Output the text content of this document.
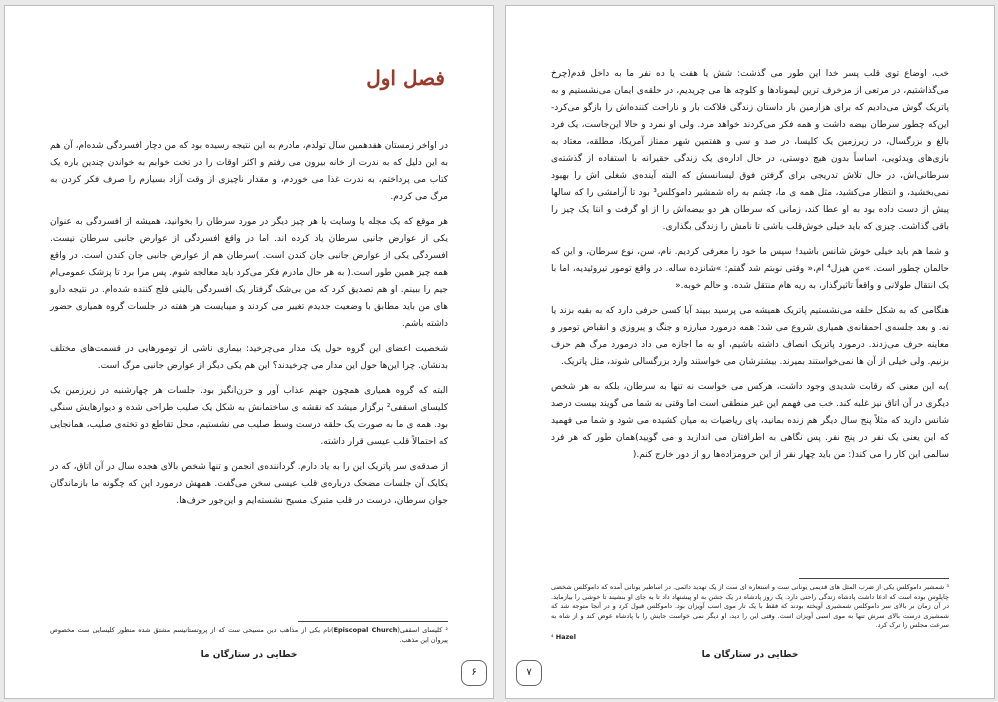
فصل اول

در اواخر زمستان هفدهمین سال تولدم، مادرم به این نتیجه رسیده بود که من دچار افسردگی شده‌ام، آن هم به این دلیل که به ندرت از خانه بیرون می رفتم و اکثر اوقات را در تخت خوابم به خواندن چندین باره یک کتاب می پرداختم، به ندرت غذا می خوردم، و مقدار ناچیزی از وقت آزاد بسیارم را صرف فکر کردن به مرگ می کردم.

هر موقع که یک مجله یا وسایت یا هر چیز دیگر در مورد سرطان را بخوانید، همیشه از افسردگی به عنوان یکی از عوارض جانبی سرطان یاد کرده اند. اما در واقع افسردگی از عوارض جانبی سرطان نیست. افسردگی یکی از عوارض جانبی جان کندن است. )سرطان هم از عوارض جانبی جان کندن است. در واقع همه چیز همین طور است.( به هر حال مادرم فکر می‌کرد باید معالجه شوم. پس مرا برد تا پزشک عمومی‌ام جیم را ببینم. او هم تصدیق کرد که من بی‌شک گرفتار یک افسردگی بالینی فلج کننده شده‌ام. در نتیجه دارو های من باید مطابق با وضعیت جدیدم تغییر می کردند و میبایست هر هفته در جلسات گروه همیاری حضور داشته باشم.

شخصیت اعضای این گروه حول یک مدار می‌چرخید: بیماری ناشی از تومورهایی در قسمت‌های مختلف بدنشان. چرا این‌ها حول این مدار می چرخیدند؟ این هم یکی دیگر از عوارض جانبی مرگ است.

البته که گروه همیاری همچون جهنم عذاب آور و حزن‌انگیز بود. جلسات هر چهارشنبه در زیرزمین یک کلیسای اسقفی² برگزار میشد که نقشه ی ساختمانش به شکل یک صلیب طراحی شده و دیوارهایش سنگی بود. همه ی ما به صورت یک حلقه درست وسط صلیب می نشستیم، محل تقاطع دو تخته‌ی صلیب، همانجایی که احتمالاً قلب عیسی قرار داشته.

از صدقه‌ی سر پاتریک این را به یاد دارم. گرداننده‌ی انجمن و تنها شخص بالای هجده سال در آن اتاق، که در یکایک آن جلسات مضحک درباره‌ی قلب عیسی سخن می‌گفت. همهش درمورد این که چگونه ما بازماندگان جوان سرطان، درست در قلب متبرک مسیح نشسته‌ایم و این‌جور حرف‌ها.

² کلیسای اسقفی(Episcopal Church)نام یکی از مذاهب دین مسیحی ست که از پروتستانیسم مشتق شده منظور کلیسایی ست مخصوص پیروان این مذهب.

خطایی در ستارگان ما
۶

خب، اوضاع توی قلب پسر خدا این طور می گذشت: شش یا هفت یا ده نفر ما به داخل قدم(چرخ می‌گذاشتیم، در مرتعی از مزخرف ترین لیمونادها و کلوچه ها می چریدیم، در حلقه‌ی ایمان می‌نشستیم و به پاتریک گوش می‌دادیم که برای هزارمین بار داستان زندگی فلاکت بار و ناراحت کننده‌اش را بازگو می‌کرد- این‌که چطور سرطان بیضه داشت و همه فکر می‌کردند خواهد مرد. ولی او نمرد و حالا این‌جاست، یک فرد بالغ و بزرگسال، در زیرزمین یک کلیسا، در صد و سی و هفتمین شهر ممتاز آمریکا، مطلقه، معتاد به بازی‌های ویدئویی، اساساً بدون هیچ دوستی، در حال اداره‌ی یک زندگی حقیرانه با استفاده از گذشته‌ی سرطانی‌اش، در حال تلاش تدریجی برای گرفتن فوق لیسانسش که البته آینده‌ی شغلی اش را بهبود نمی‌بخشید، و انتظار می‌کشید، مثل همه ی ما، چشم به راه شمشیر داموکلس³ بود تا آرامشی را که سالها پیش از دست داده بود به او عطا کند، زمانی که سرطان هر دو بیضه‌اش را از او گرفت و انتا یک چیز را باقی گذاشت. چیزی که باید خیلی خوش‌قلب باشی تا نامش را زندگی بگذاری.

و شما هم باید خیلی خوش شانس باشید! سپس ما خود را معرفی کردیم. نام، سن، نوع سرطان، و این که حالمان چطور است. »من هیزل⁴ ام،« وقتی نوبتم شد گفتم: »شانزده ساله. در واقع تومور تیروئیدیه، اما با یک انتقال طولانی و واقعاً تاثیرگذار، به ریه هام منتقل شده. و حالم خوبه.«

هنگامی که به شکل حلقه می‌نشستیم پاتریک همیشه می پرسید ببیند آیا کسی حرفی دارد که به بقیه بزند یا نه. و بعد جلسه‌ی احمقانه‌ی همیاری شروع می شد: همه درمورد مبارزه و جنگ و پیروزی و انقباض تومور و معاینه حرف می‌زدند. درمورد پاتریک انصاف داشته باشیم، او به ما اجازه می داد درمورد مرگ هم حرف بزنیم. ولی خیلی از آن ها نمی‌خواستند بمیرند. بیشترشان می خواستند وارد بزرگسالی شوند، مثل پاتریک.

)به این معنی که رقابت شدیدی وجود داشت، هرکس می خواست نه تنها به سرطان، بلکه به هر شخص دیگری در آن اتاق نیز غلبه کند. خب می فهمم این غیر منطقی است اما وقتی به شما می گویند بیست درصد شانس دارید که مثلاً پنج سال دیگر هم زنده بمانید، پای ریاضیات به میان کشیده می شود و شما می فهمید که این یعنی یک نفر در پنج نفر. پس نگاهی به اطرافتان می اندازید و می گویید)همان طور که هر فرد سالمی این کار را می کند(: من باید چهار نفر از این حرومزاده‌ها رو از دور خارج کنم.(

³ شمشیر داموکلس یکی از ضرب المثل های قدیمی یونانی ست و استعاره ای ست از یک تهدید دائمی. در اساطیر یونانی آمده که داموکلس شخصی چاپلوس بوده است که ادعا داشت پادشاه زندگی راحتی دارد. یک روز پادشاه در یک جشن به او پیشنهاد داد تا به جای او بنشیند تا خوشی را بیازماید. در آن زمان بر بالای سر داموکلس شمشیری آویخته بودند که فقط با یک تار موی اسب آویزان بود. داموکلس قبول کرد و در آنجا متوجه شد که شمشیری درست بالای سرش تنها به موی اسبی آویزان است. وقتی این را دید، او دیگر نمی خواست جایش را با پادشاه عوض کند و از شاه به سرعت مجلس را ترک کرد.

⁴ Hazel

خطایی در ستارگان ما
۷
